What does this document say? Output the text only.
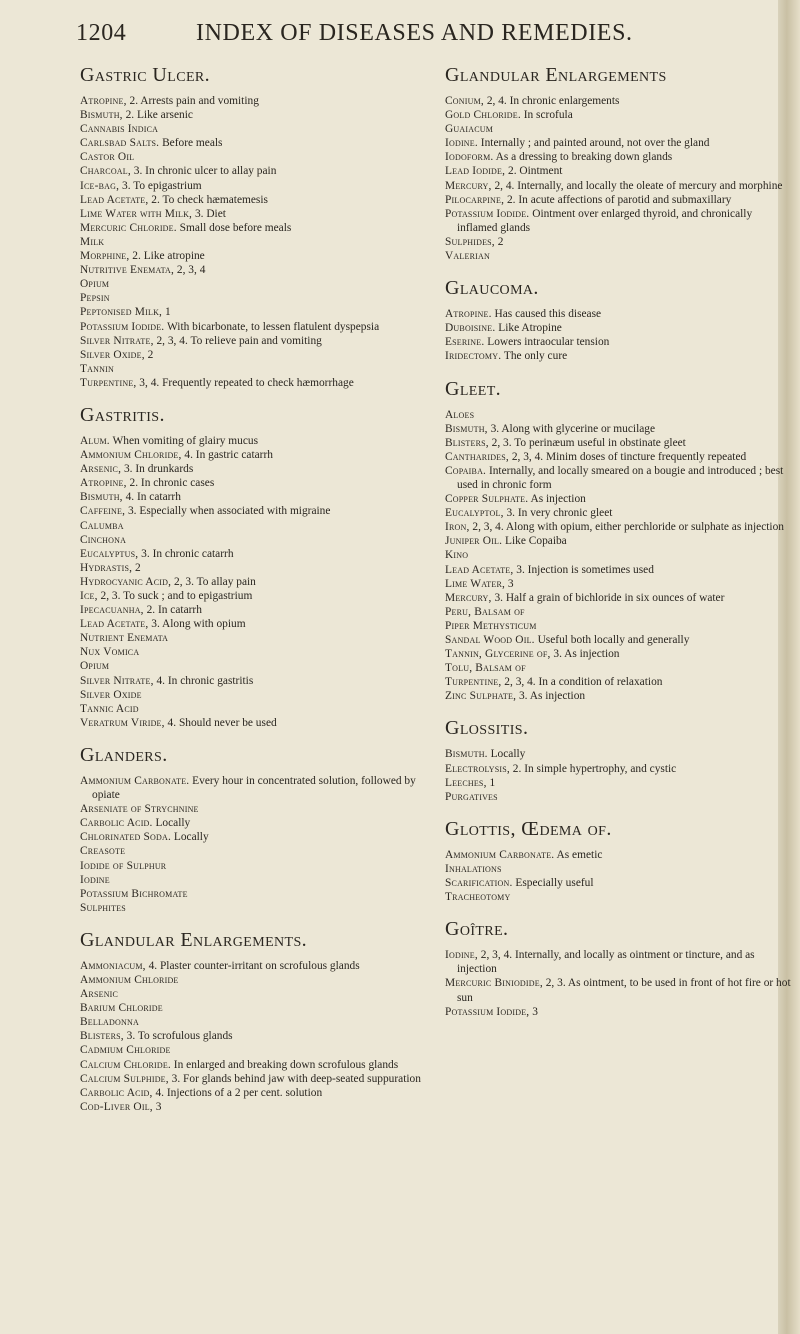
1204	INDEX OF DISEASES AND REMEDIES.
Gastric Ulcer.
Atropine, 2. Arrests pain and vomiting
Bismuth, 2. Like arsenic
Cannabis Indica
Carlsbad Salts. Before meals
Castor Oil
Charcoal, 3. In chronic ulcer to allay pain
Ice-bag, 3. To epigastrium
Lead Acetate, 2. To check hæmatemesis
Lime Water with Milk, 3. Diet
Mercuric Chloride. Small dose before meals
Milk
Morphine, 2. Like atropine
Nutritive Enemata, 2, 3, 4
Opium
Pepsin
Peptonised Milk, 1
Potassium Iodide. With bicarbonate, to lessen flatulent dyspepsia
Silver Nitrate, 2, 3, 4. To relieve pain and vomiting
Silver Oxide, 2
Tannin
Turpentine, 3, 4. Frequently repeated to check hæmorrhage
Gastritis.
Alum. When vomiting of glairy mucus
Ammonium Chloride, 4. In gastric catarrh
Arsenic, 3. In drunkards
Atropine, 2. In chronic cases
Bismuth, 4. In catarrh
Caffeine, 3. Especially when associated with migraine
Calumba
Cinchona
Eucalyptus, 3. In chronic catarrh
Hydrastis, 2
Hydrocyanic Acid, 2, 3. To allay pain
Ice, 2, 3. To suck ; and to epigastrium
Ipecacuanha, 2. In catarrh
Lead Acetate, 3. Along with opium
Nutrient Enemata
Nux Vomica
Opium
Silver Nitrate, 4. In chronic gastritis
Silver Oxide
Tannic Acid
Veratrum Viride, 4. Should never be used
Glanders.
Ammonium Carbonate. Every hour in concentrated solution, followed by opiate
Arseniate of Strychnine
Carbolic Acid. Locally
Chlorinated Soda. Locally
Creasote
Iodide of Sulphur
Iodine
Potassium Bichromate
Sulphites
Glandular Enlargements.
Ammoniacum, 4. Plaster counter-irritant on scrofulous glands
Ammonium Chloride
Arsenic
Barium Chloride
Belladonna
Blisters, 3. To scrofulous glands
Cadmium Chloride
Calcium Chloride. In enlarged and breaking down scrofulous glands
Calcium Sulphide, 3. For glands behind jaw with deep-seated suppuration
Carbolic Acid, 4. Injections of a 2 per cent. solution
Cod-Liver Oil, 3
Glandular Enlargements
Conium, 2, 4. In chronic enlargements
Gold Chloride. In scrofula
Guaiacum
Iodine. Internally ; and painted around, not over the gland
Iodoform. As a dressing to breaking down glands
Lead Iodide, 2. Ointment
Mercury, 2, 4. Internally, and locally the oleate of mercury and morphine
Pilocarpine, 2. In acute affections of parotid and submaxillary
Potassium Iodide. Ointment over enlarged thyroid, and chronically inflamed glands
Sulphides, 2
Valerian
Glaucoma.
Atropine. Has caused this disease
Duboisine. Like Atropine
Eserine. Lowers intraocular tension
Iridectomy. The only cure
Gleet.
Aloes
Bismuth, 3. Along with glycerine or mucilage
Blisters, 2, 3. To perinæum useful in obstinate gleet
Cantharides, 2, 3, 4. Minim doses of tincture frequently repeated
Copaiba. Internally, and locally smeared on a bougie and introduced ; best used in chronic form
Copper Sulphate. As injection
Eucalyptol, 3. In very chronic gleet
Iron, 2, 3, 4. Along with opium, either perchloride or sulphate as injection
Juniper Oil. Like Copaiba
Kino
Lead Acetate, 3. Injection is sometimes used
Lime Water, 3
Mercury, 3. Half a grain of bichloride in six ounces of water
Peru, Balsam of
Piper Methysticum
Sandal Wood Oil. Useful both locally and generally
Tannin, Glycerine of, 3. As injection
Tolu, Balsam of
Turpentine, 2, 3, 4. In a condition of relaxation
Zinc Sulphate, 3. As injection
Glossitis.
Bismuth. Locally
Electrolysis, 2. In simple hypertrophy, and cystic
Leeches, 1
Purgatives
Glottis, Œdema of.
Ammonium Carbonate. As emetic
Inhalations
Scarification. Especially useful
Tracheotomy
Goître.
Iodine, 2, 3, 4. Internally, and locally as ointment or tincture, and as injection
Mercuric Biniodide, 2, 3. As ointment, to be used in front of hot fire or hot sun
Potassium Iodide, 3
